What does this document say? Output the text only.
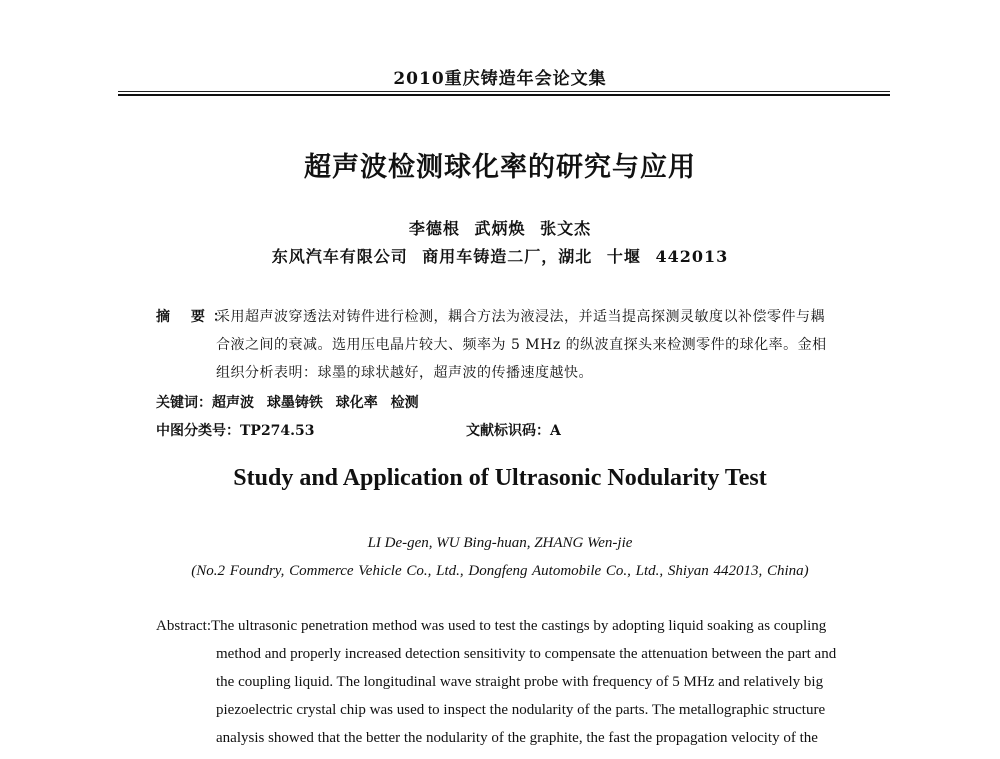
2010重庆铸造年会论文集
超声波检测球化率的研究与应用
李德根 武炳焕 张文杰
东风汽车有限公司 商用车铸造二厂，湖北 十堰 442013
摘 要：
采用超声波穿透法对铸件进行检测，耦合方法为液浸法，并适当提高探测灵敏度以补偿零件与耦
合液之间的衰减。选用压电晶片较大、频率为 5 MHz 的纵波直探头来检测零件的球化率。金相
组织分析表明：球墨的球状越好，超声波的传播速度越快。
关键词：超声波 球墨铸铁 球化率 检测
中图分类号：TP274.53	文献标识码：A
Study and Application of Ultrasonic Nodularity Test
LI De-gen, WU Bing-huan, ZHANG Wen-jie
(No.2 Foundry, Commerce Vehicle Co., Ltd., Dongfeng Automobile Co., Ltd., Shiyan 442013, China)
Abstract:The ultrasonic penetration method was used to test the castings by adopting liquid soaking as coupling
method and properly increased detection sensitivity to compensate the attenuation between the part and
the coupling liquid. The longitudinal wave straight probe with frequency of 5 MHz and relatively big
piezoelectric crystal chip was used to inspect the nodularity of the parts. The metallographic structure
analysis showed that the better the nodularity of the graphite, the fast the propagation velocity of the
